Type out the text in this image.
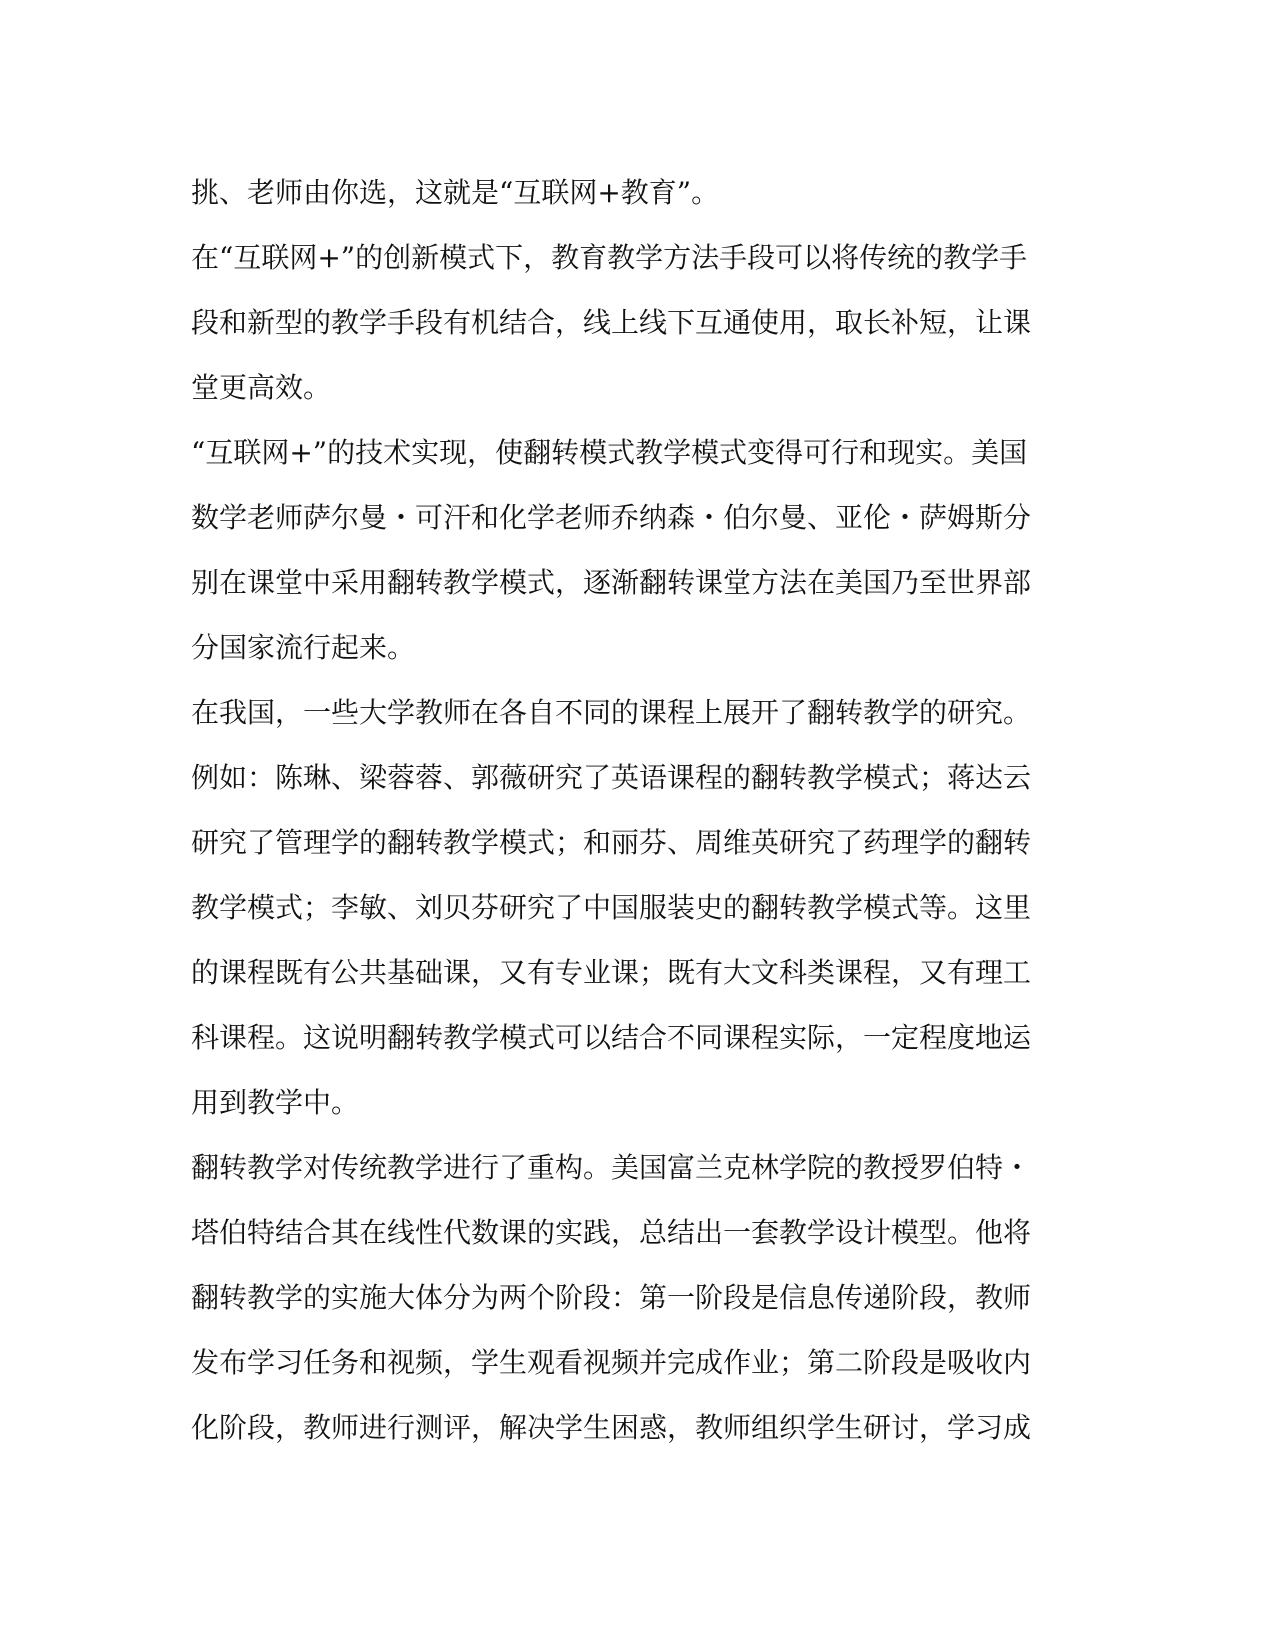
挑、老师由你选，这就是“互联网+教育”。
在“互联网+”的创新模式下，教育教学方法手段可以将传统的教学手
段和新型的教学手段有机结合，线上线下互通使用，取长补短，让课
堂更高效。
“互联网+”的技术实现，使翻转模式教学模式变得可行和现实。美国
数学老师萨尔曼・可汗和化学老师乔纳森・伯尔曼、亚伦・萨姆斯分
别在课堂中采用翻转教学模式，逐渐翻转课堂方法在美国乃至世界部
分国家流行起来。
在我国，一些大学教师在各自不同的课程上展开了翻转教学的研究。
例如：陈琳、梁蓉蓉、郭薇研究了英语课程的翻转教学模式；蒋达云
研究了管理学的翻转教学模式；和丽芬、周维英研究了药理学的翻转
教学模式；李敏、刘贝芬研究了中国服装史的翻转教学模式等。这里
的课程既有公共基础课，又有专业课；既有大文科类课程，又有理工
科课程。这说明翻转教学模式可以结合不同课程实际，一定程度地运
用到教学中。
翻转教学对传统教学进行了重构。美国富兰克林学院的教授罗伯特・
塔伯特结合其在线性代数课的实践，总结出一套教学设计模型。他将
翻转教学的实施大体分为两个阶段：第一阶段是信息传递阶段，教师
发布学习任务和视频，学生观看视频并完成作业；第二阶段是吸收内
化阶段，教师进行测评，解决学生困惑，教师组织学生研讨，学习成
